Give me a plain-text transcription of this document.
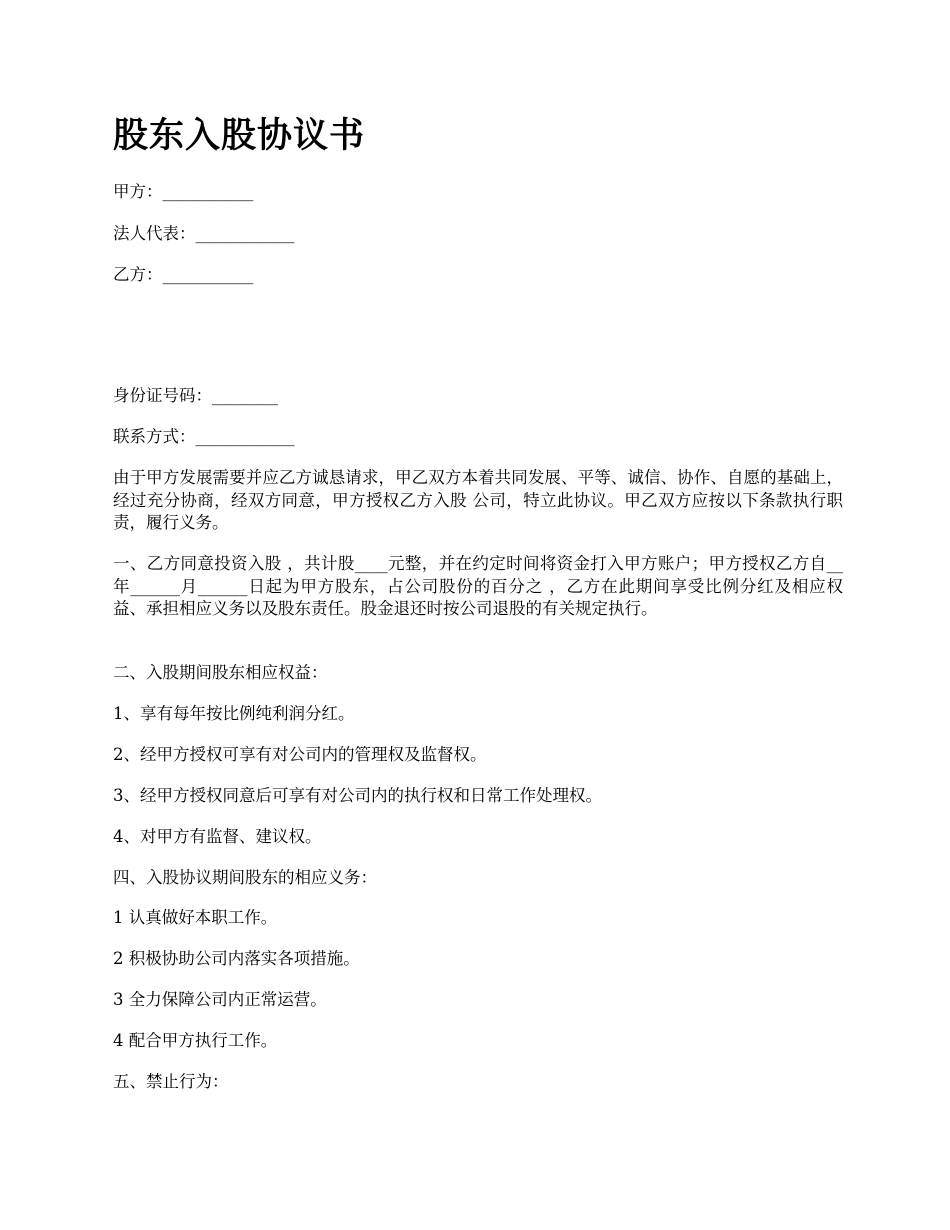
股东入股协议书

甲方：___________

法人代表：____________

乙方：___________

身份证号码：________

联系方式：____________

由于甲方发展需要并应乙方诚恳请求，甲乙双方本着共同发展、平等、诚信、协作、自愿的基础上，经过充分协商，经双方同意，甲方授权乙方入股 公司，特立此协议。甲乙双方应按以下条款执行职责，履行义务。

一、乙方同意投资入股 ，共计股____元整，并在约定时间将资金打入甲方账户；甲方授权乙方自__年______月______日起为甲方股东，占公司股份的百分之 ，乙方在此期间享受比例分红及相应权益、承担相应义务以及股东责任。股金退还时按公司退股的有关规定执行。

二、入股期间股东相应权益：

1、享有每年按比例纯利润分红。

2、经甲方授权可享有对公司内的管理权及监督权。

3、经甲方授权同意后可享有对公司内的执行权和日常工作处理权。

4、对甲方有监督、建议权。

四、入股协议期间股东的相应义务：

1 认真做好本职工作。

2 积极协助公司内落实各项措施。

3 全力保障公司内正常运营。

4 配合甲方执行工作。

五、禁止行为：
